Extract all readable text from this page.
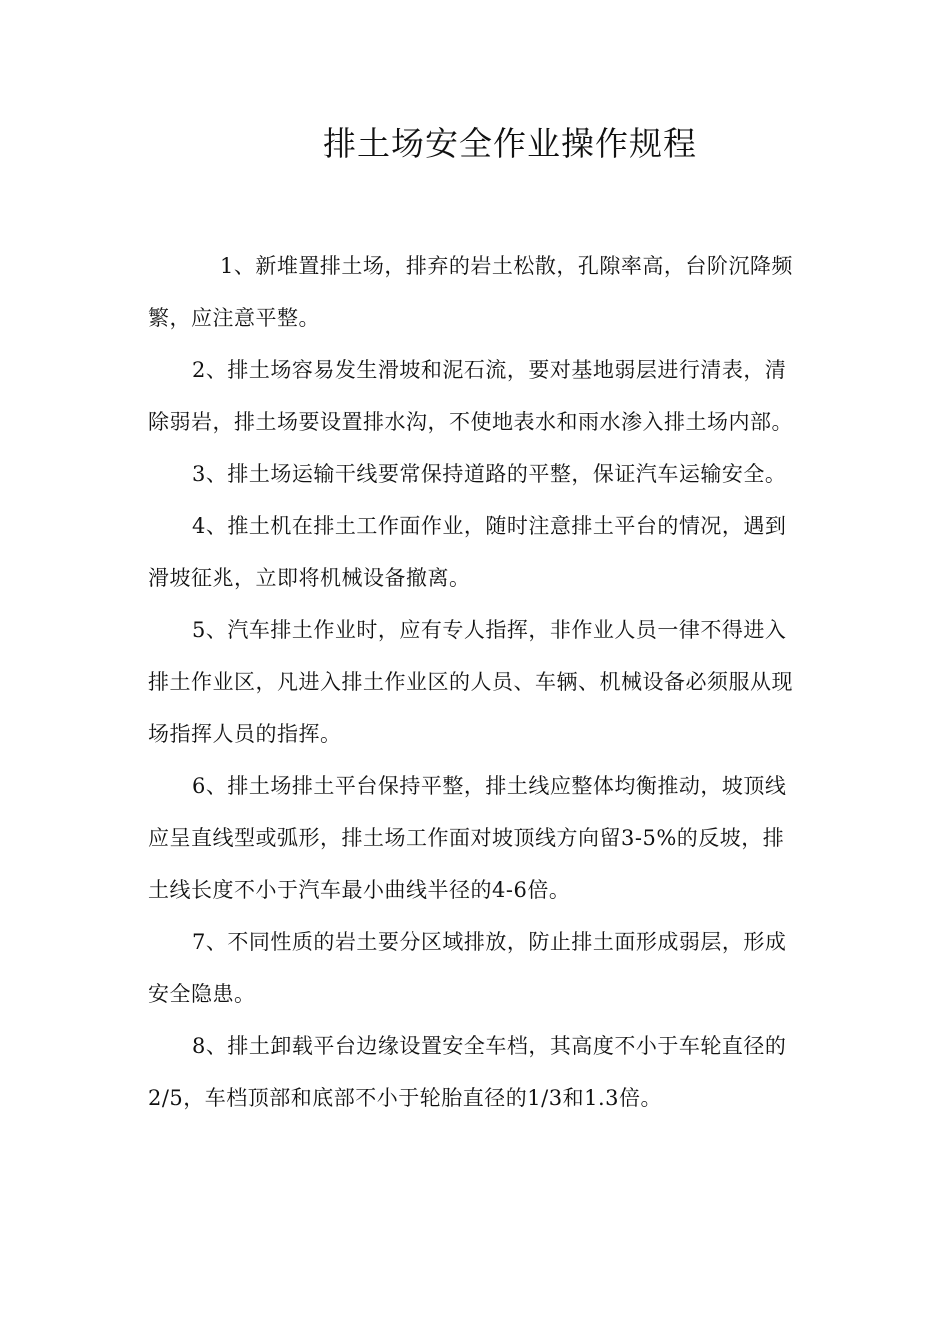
排土场安全作业操作规程

1、新堆置排土场，排弃的岩土松散，孔隙率高，台阶沉降频繁，应注意平整。

2、排土场容易发生滑坡和泥石流，要对基地弱层进行清表，清除弱岩，排土场要设置排水沟，不使地表水和雨水渗入排土场内部。

3、排土场运输干线要常保持道路的平整，保证汽车运输安全。

4、推土机在排土工作面作业，随时注意排土平台的情况，遇到滑坡征兆，立即将机械设备撤离。

5、汽车排土作业时，应有专人指挥，非作业人员一律不得进入排土作业区，凡进入排土作业区的人员、车辆、机械设备必须服从现场指挥人员的指挥。

6、排土场排土平台保持平整，排土线应整体均衡推动，坡顶线应呈直线型或弧形，排土场工作面对坡顶线方向留3-5%的反坡，排土线长度不小于汽车最小曲线半径的4-6倍。

7、不同性质的岩土要分区域排放，防止排土面形成弱层，形成安全隐患。

8、排土卸载平台边缘设置安全车档，其高度不小于车轮直径的2/5，车档顶部和底部不小于轮胎直径的1/3和1.3倍。
